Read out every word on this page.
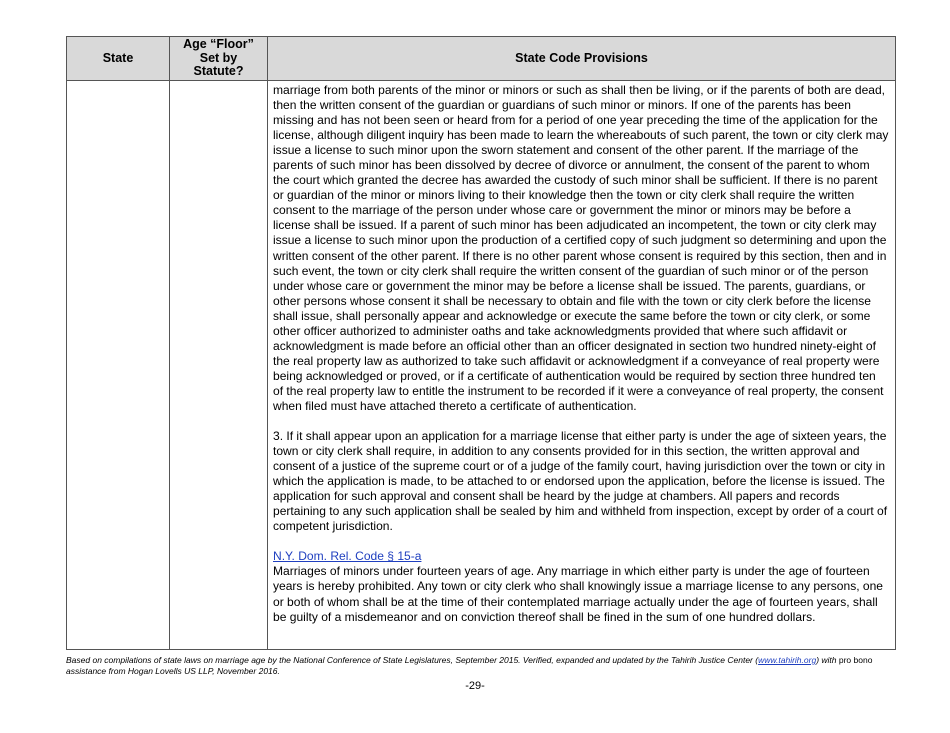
State	Age “Floor”
Set by
Statute?	State Code Provisions

		marriage from both parents of the minor or minors or such as shall then be living, or if the parents of both are dead, then the written consent of the guardian or guardians of such minor or minors. If one of the parents has been missing and has not been seen or heard from for a period of one year preceding the time of the application for the license, although diligent inquiry has been made to learn the whereabouts of such parent, the town or city clerk may issue a license to such minor upon the sworn statement and consent of the other parent. If the marriage of the parents of such minor has been dissolved by decree of divorce or annulment, the consent of the parent to whom the court which granted the decree has awarded the custody of such minor shall be sufficient. If there is no parent or guardian of the minor or minors living to their knowledge then the town or city clerk shall require the written consent to the marriage of the person under whose care or government the minor or minors may be before a license shall be issued. If a parent of such minor has been adjudicated an incompetent, the town or city clerk may issue a license to such minor upon the production of a certified copy of such judgment so determining and upon the written consent of the other parent. If there is no other parent whose consent is required by this section, then and in such event, the town or city clerk shall require the written consent of the guardian of such minor or of the person under whose care or government the minor may be before a license shall be issued. The parents, guardians, or other persons whose consent it shall be necessary to obtain and file with the town or city clerk before the license shall issue, shall personally appear and acknowledge or execute the same before the town or city clerk, or some other officer authorized to administer oaths and take acknowledgments provided that where such affidavit or acknowledgment is made before an official other than an officer designated in section two hundred ninety-eight of the real property law as authorized to take such affidavit or acknowledgment if a conveyance of real property were being acknowledged or proved, or if a certificate of authentication would be required by section three hundred ten of the real property law to entitle the instrument to be recorded if it were a conveyance of real property, the consent when filed must have attached thereto a certificate of authentication.

3. If it shall appear upon an application for a marriage license that either party is under the age of sixteen years, the town or city clerk shall require, in addition to any consents provided for in this section, the written approval and consent of a justice of the supreme court or of a judge of the family court, having jurisdiction over the town or city in which the application is made, to be attached to or endorsed upon the application, before the license is issued. The application for such approval and consent shall be heard by the judge at chambers. All papers and records pertaining to any such application shall be sealed by him and withheld from inspection, except by order of a court of competent jurisdiction.

N.Y. Dom. Rel. Code § 15-a

Marriages of minors under fourteen years of age. Any marriage in which either party is under the age of fourteen years is hereby prohibited. Any town or city clerk who shall knowingly issue a marriage license to any persons, one or both of whom shall be at the time of their contemplated marriage actually under the age of fourteen years, shall be guilty of a misdemeanor and on conviction thereof shall be fined in the sum of one hundred dollars.

Based on compilations of state laws on marriage age by the National Conference of State Legislatures, September 2015. Verified, expanded and updated by the Tahirih Justice Center (www.tahirih.org) with pro bono assistance from Hogan Lovells US LLP, November 2016.
-29-
